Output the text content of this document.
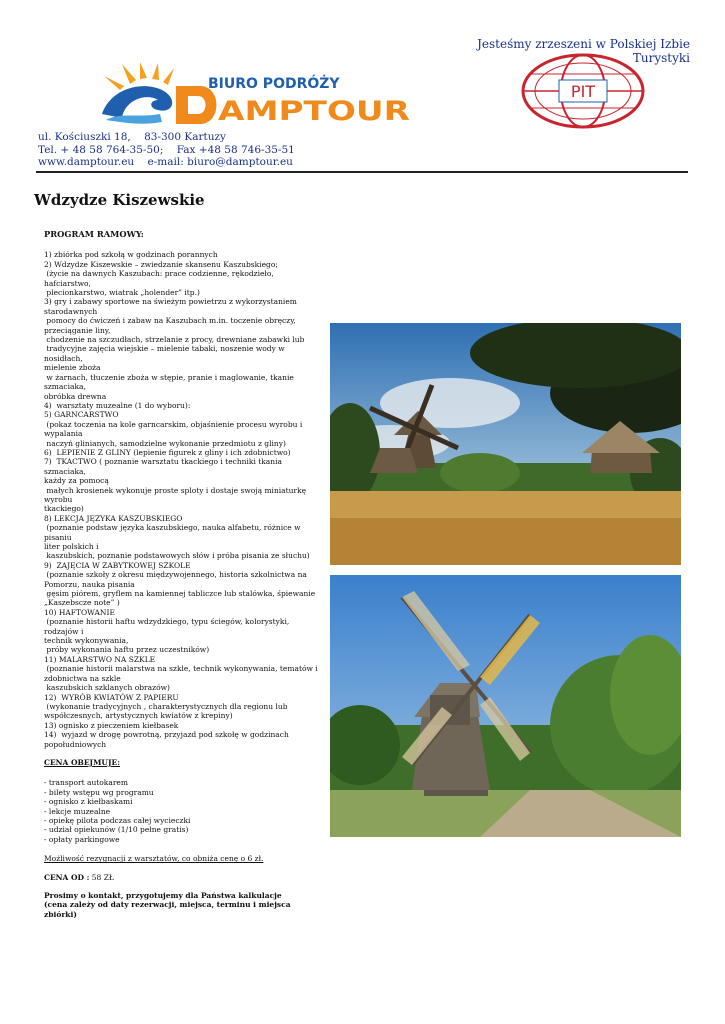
Jesteśmy zrzeszeni w Polskiej Izbie Turystyki
BIURO PODRÓŻY
AMPTOUR
PIT
ul. Kościuszki 18,    83-300 Kartuzy
Tel. + 48 58 764-35-50;    Fax +48 58 746-35-51
www.damptour.eu    e-mail: biuro@damptour.eu
Wdzydze Kiszewskie
PROGRAM RAMOWY:
1) zbiórka pod szkołą w godzinach porannych
2) Wdzydze Kiszewskie – zwiedzanie skansenu Kaszubskiego;
(życie na dawnych Kaszubach: prace codzienne, rękodzieło, hafciarstwo,
plecionkarstwo, wiatrak „holender” itp.)
3) gry i zabawy sportowe na świeżym powietrzu z wykorzystaniem
starodawnych
pomocy do ćwiczeń i zabaw na Kaszubach m.in. toczenie obręczy,
przeciąganie liny,
chodzenie na szczudłach, strzelanie z procy, drewniane zabawki lub
tradycyjne zajęcia wiejskie – mielenie tabaki, noszenie wody w nosidłach,
mielenie zboża
w żarnach, tłuczenie zboża w stępie, pranie i maglowanie, tkanie szmaciaka,
obróbka drewna
4)  warsztaty muzealne (1 do wyboru):
5) GARNCARSTWO
(pokaz toczenia na kole garncarskim, objaśnienie procesu wyrobu i
wypalania
naczyń glinianych, samodzielne wykonanie przedmiotu z gliny)
6)  LEPIENIE Z GLINY (lepienie figurek z gliny i ich zdobnictwo)
7)  TKACTWO ( poznanie warsztatu tkackiego i techniki tkania szmaciaka,
każdy za pomocą
małych krosienek wykonuje proste sploty i dostaje swoją miniaturkę wyrobu
tkackiego)
8) LEKCJA JĘZYKA KASZUBSKIEGO
(poznanie podstaw języka kaszubskiego, nauka alfabetu, różnice w pisaniu
liter polskich i
kaszubskich, poznanie podstawowych słów i próba pisania ze słuchu)
9)  ZAJĘCIA W ZABYTKOWEJ SZKOLE
(poznanie szkoły z okresu międzywojennego, historia szkolnictwa na
Pomorzu, nauka pisania
gęsim piórem, gryflem na kamiennej tabliczce lub stalówka, śpiewanie
„Kaszebscze note” )
10) HAFTOWANIE
(poznanie historii haftu wdzydzkiego, typu ściegów, kolorystyki, rodzajów i
technik wykonywania,
próby wykonania haftu przez uczestników)
11) MALARSTWO NA SZKLE
(poznanie historii malarstwa na szkle, technik wykonywania, tematów i
zdobnictwa na szkle
kaszubskich szklanych obrazów)
12)  WYRÓB KWIATÓW Z PAPIERU
(wykonanie tradycyjnych , charakterystycznych dla regionu lub
współczesnych, artystycznych kwiatów z krepiny)
13) ognisko z pieczeniem kiełbasek
14)  wyjazd w drogę powrotną, przyjazd pod szkołę w godzinach
popołudniowych
CENA OBEJMUJE:
- transport autokarem
- bilety wstępu wg programu
- ognisko z kiełbaskami
- lekcje muzealne
- opiekę pilota podczas całej wycieczki
- udział opiekunów (1/10 pełne gratis)
- opłaty parkingowe
Możliwość rezygnacji z warsztatów, co obniża cenę o 6 zł.
CENA OD : 58 ZŁ
Prosimy o kontakt, przygotujemy dla Państwa kalkulacje
(cena zależy od daty rezerwacji, miejsca, terminu i miejsca zbiórki)
